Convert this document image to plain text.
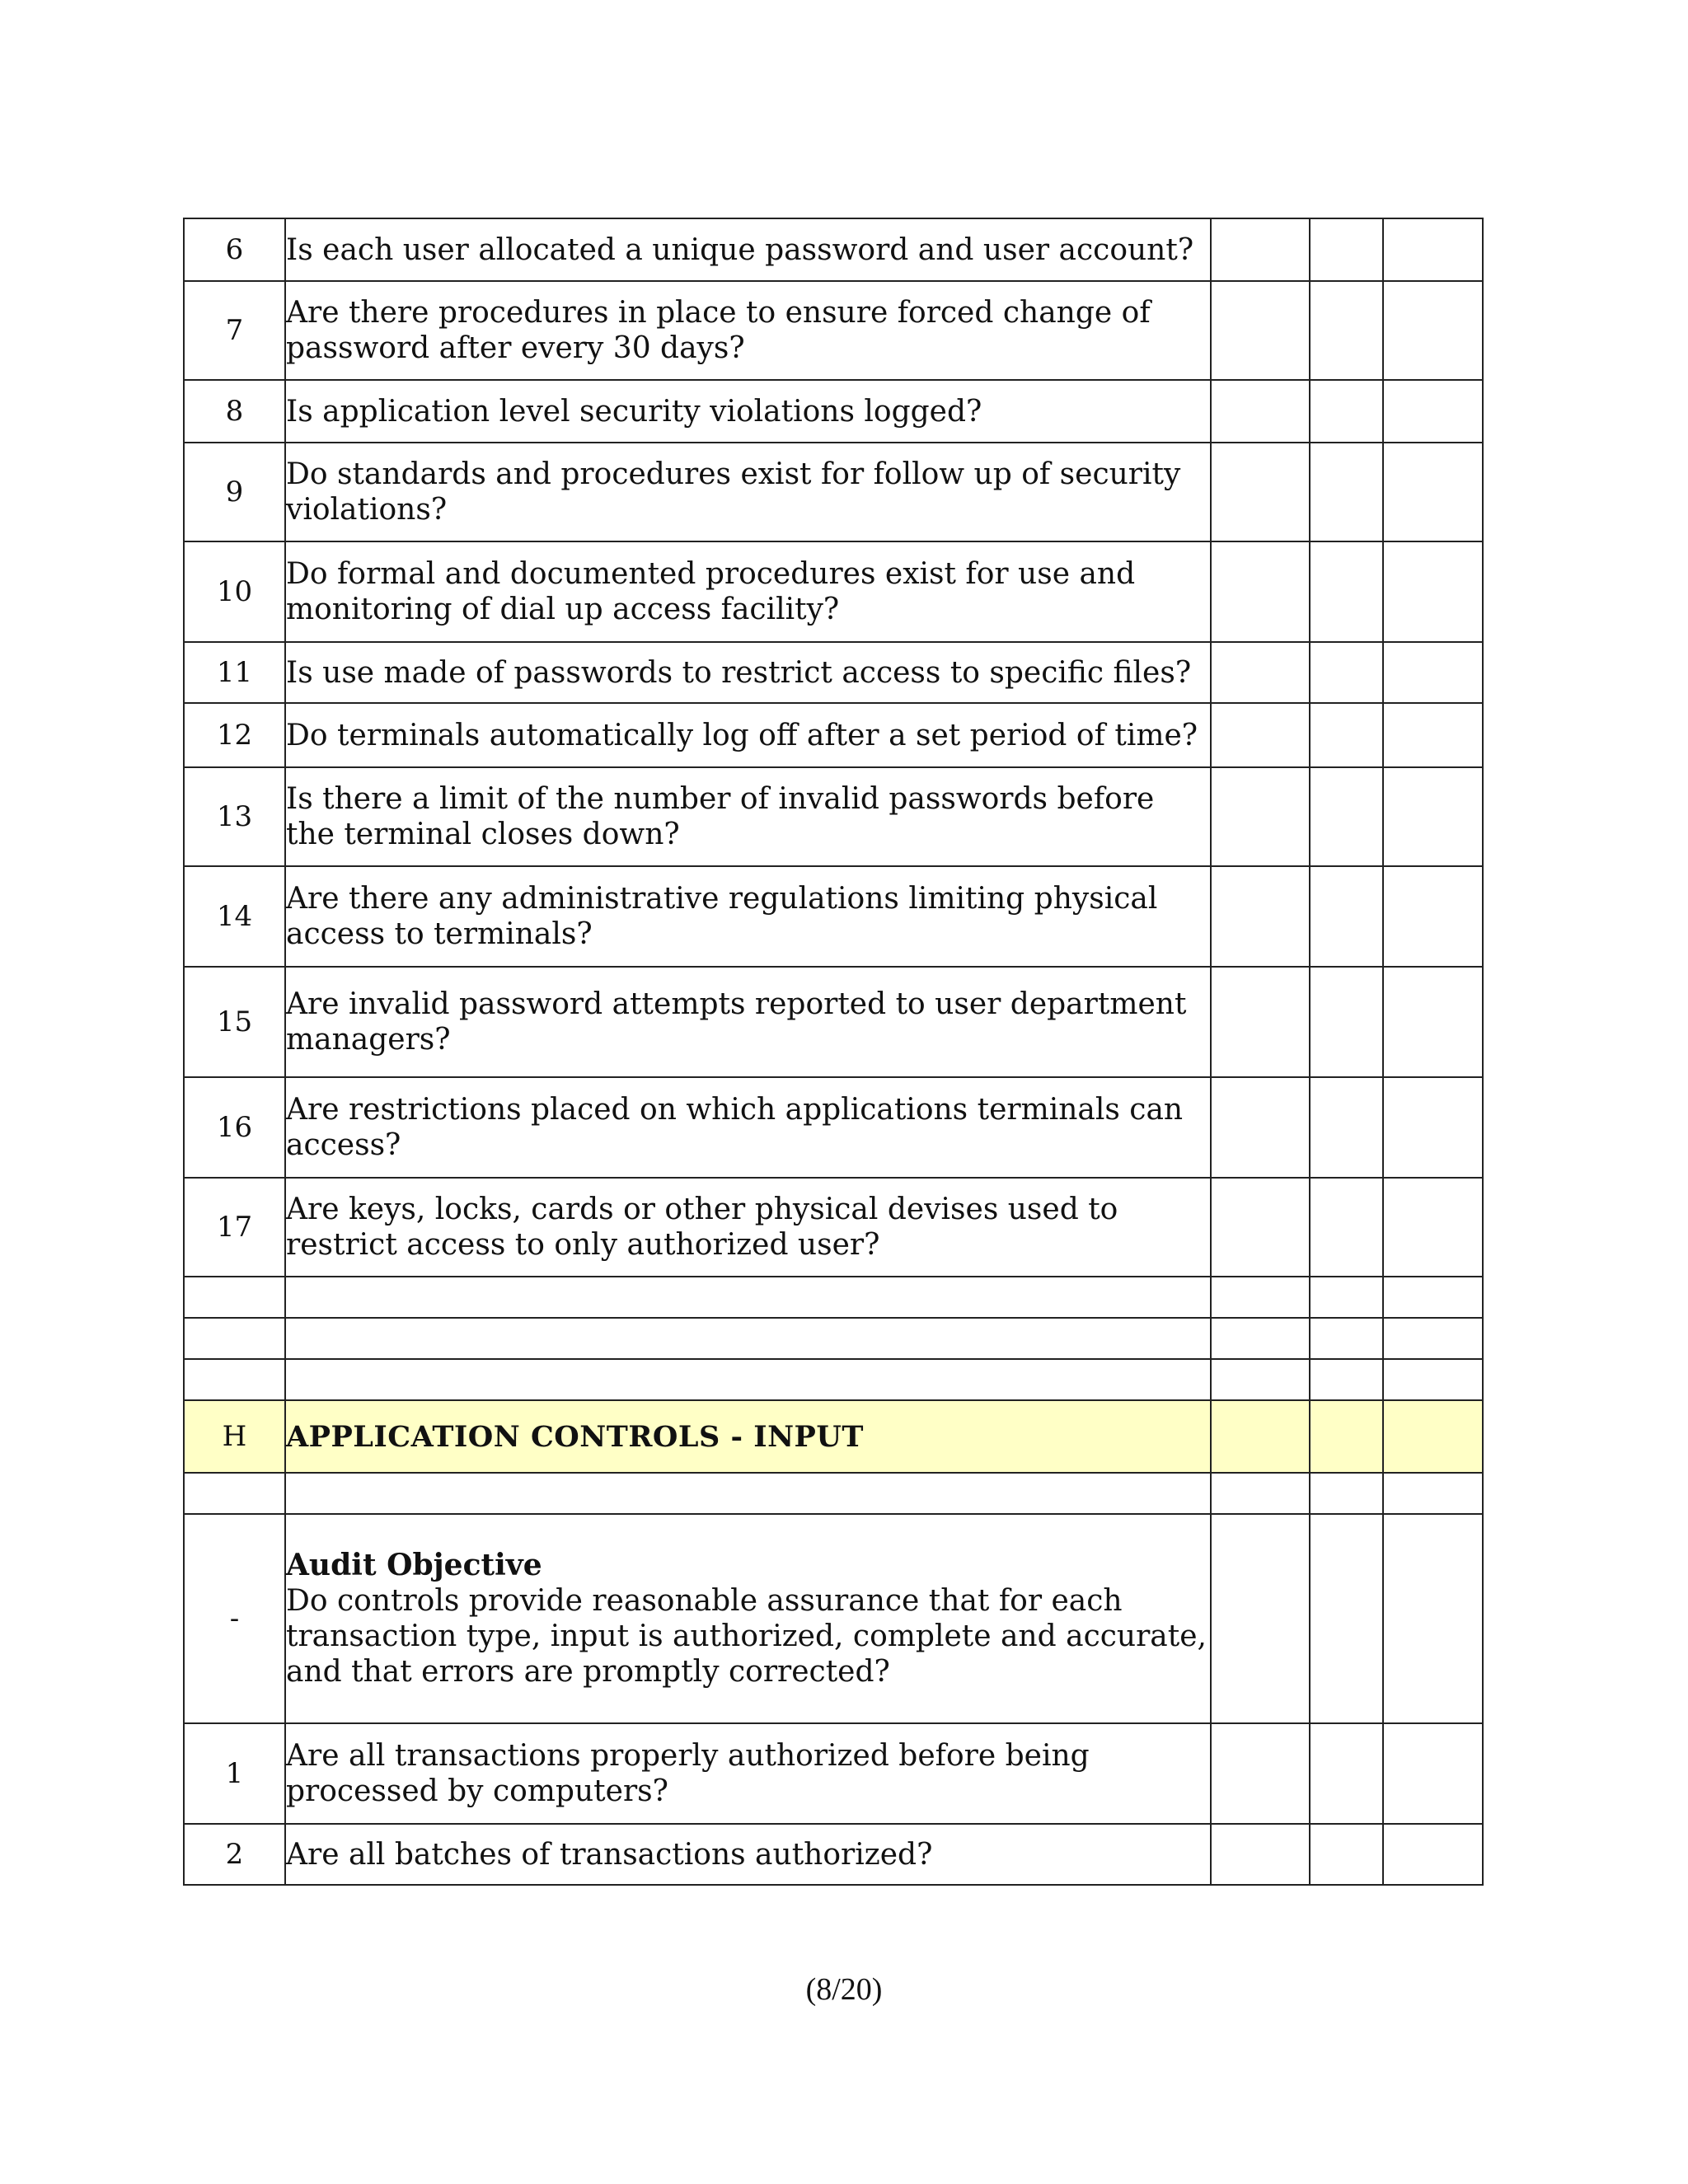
6	Is each user allocated a unique password and user account?			
7	Are there procedures in place to ensure forced change of password after every 30 days?			
8	Is application level security violations logged?			
9	Do standards and procedures exist for follow up of security violations?			
10	Do formal and documented procedures exist for use and monitoring of dial up access facility?			
11	Is use made of passwords to restrict access to specific files?			
12	Do terminals automatically log off after a set period of time?			
13	Is there a limit of the number of invalid passwords before the terminal closes down?			
14	Are there any administrative regulations limiting physical access to terminals?			
15	Are invalid password attempts reported to user department managers?			
16	Are restrictions placed on which applications terminals can access?			
17	Are keys, locks, cards or other physical devises used to restrict access to only authorized user?			

H	APPLICATION CONTROLS - INPUT			

-	Audit Objective
Do controls provide reasonable assurance that for each transaction type, input is authorized, complete and accurate, and that errors are promptly corrected?			

1	Are all transactions properly authorized before being processed by computers?			
2	Are all batches of transactions authorized?			
(8/20)
